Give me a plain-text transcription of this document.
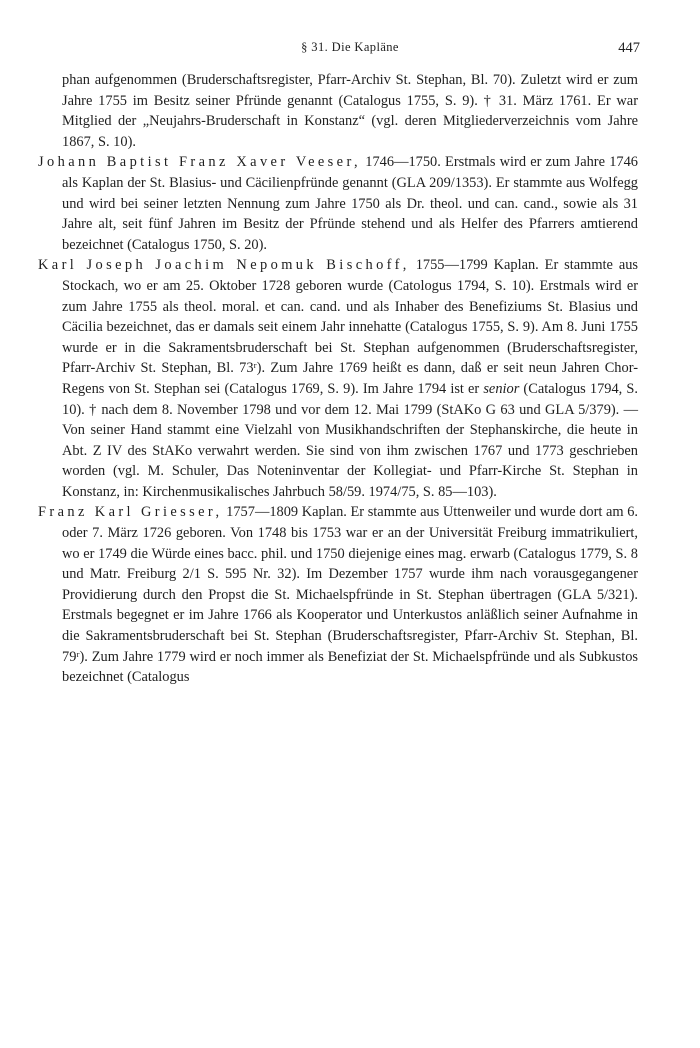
§ 31. Die Kapläne	447

phan aufgenommen (Bruderschaftsregister, Pfarr-Archiv St. Stephan, Bl. 70). Zuletzt wird er zum Jahre 1755 im Besitz seiner Pfründe genannt (Catalogus 1755, S. 9). † 31. März 1761. Er war Mitglied der „Neujahrs-Bruderschaft in Konstanz“ (vgl. deren Mitgliederverzeichnis vom Jahre 1867, S. 10).

Johann Baptist Franz Xaver Veeser, 1746—1750. Erstmals wird er zum Jahre 1746 als Kaplan der St. Blasius- und Cäcilienpfründe genannt (GLA 209/1353). Er stammte aus Wolfegg und wird bei seiner letzten Nennung zum Jahre 1750 als Dr. theol. und can. cand., sowie als 31 Jahre alt, seit fünf Jahren im Besitz der Pfründe stehend und als Helfer des Pfarrers amtierend bezeichnet (Catalogus 1750, S. 20).

Karl Joseph Joachim Nepomuk Bischoff, 1755—1799 Kaplan. Er stammte aus Stockach, wo er am 25. Oktober 1728 geboren wurde (Catologus 1794, S. 10). Erstmals wird er zum Jahre 1755 als theol. moral. et can. cand. und als Inhaber des Benefiziums St. Blasius und Cäcilia bezeichnet, das er damals seit einem Jahr innehatte (Catalogus 1755, S. 9). Am 8. Juni 1755 wurde er in die Sakramentsbruderschaft bei St. Stephan aufgenommen (Bruderschaftsregister, Pfarr-Archiv St. Stephan, Bl. 73ʳ). Zum Jahre 1769 heißt es dann, daß er seit neun Jahren Chor-Regens von St. Stephan sei (Catalogus 1769, S. 9). Im Jahre 1794 ist er senior (Catalogus 1794, S. 10). † nach dem 8. November 1798 und vor dem 12. Mai 1799 (StAKo G 63 und GLA 5/379). — Von seiner Hand stammt eine Vielzahl von Musikhandschriften der Stephanskirche, die heute in Abt. Z IV des StAKo verwahrt werden. Sie sind von ihm zwischen 1767 und 1773 geschrieben worden (vgl. M. Schuler, Das Noteninventar der Kollegiat- und Pfarr-Kirche St. Stephan in Konstanz, in: Kirchenmusikalisches Jahrbuch 58/59. 1974/75, S. 85—103).

Franz Karl Griesser, 1757—1809 Kaplan. Er stammte aus Uttenweiler und wurde dort am 6. oder 7. März 1726 geboren. Von 1748 bis 1753 war er an der Universität Freiburg immatrikuliert, wo er 1749 die Würde eines bacc. phil. und 1750 diejenige eines mag. erwarb (Catalogus 1779, S. 8 und Matr. Freiburg 2/1 S. 595 Nr. 32). Im Dezember 1757 wurde ihm nach vorausgegangener Providierung durch den Propst die St. Michaelspfründe in St. Stephan übertragen (GLA 5/321). Erstmals begegnet er im Jahre 1766 als Kooperator und Unterkustos anläßlich seiner Aufnahme in die Sakramentsbruderschaft bei St. Stephan (Bruderschaftsregister, Pfarr-Archiv St. Stephan, Bl. 79ʳ). Zum Jahre 1779 wird er noch immer als Benefiziat der St. Michaelspfründe und als Subkustos bezeichnet (Catalogus
